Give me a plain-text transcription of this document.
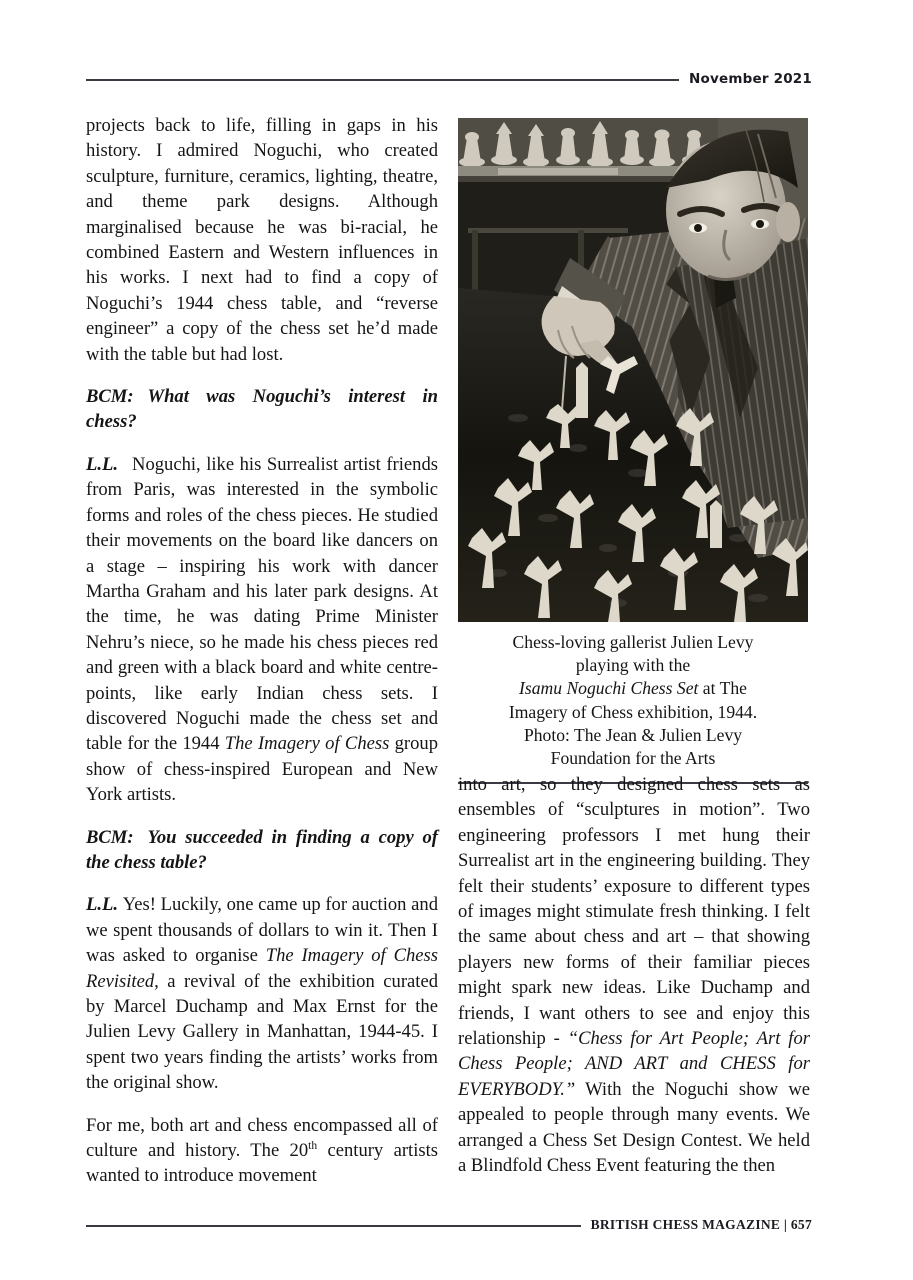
November 2021

projects back to life, filling in gaps in his history. I admired Noguchi, who created sculpture, furniture, ceramics, lighting, theatre, and theme park designs. Although marginalised because he was bi-racial, he combined Eastern and Western influences in his works. I next had to find a copy of Noguchi’s 1944 chess table, and “reverse engineer” a copy of the chess set he’d made with the table but had lost.

BCM: What was Noguchi’s interest in chess?

L.L. Noguchi, like his Surrealist artist friends from Paris, was interested in the symbolic forms and roles of the chess pieces. He studied their movements on the board like dancers on a stage – inspiring his work with dancer Martha Graham and his later park designs. At the time, he was dating Prime Minister Nehru’s niece, so he made his chess pieces red and green with a black board and white centre-points, like early Indian chess sets. I discovered Noguchi made the chess set and table for the 1944 The Imagery of Chess group show of chess-inspired European and New York artists.

BCM: You succeeded in finding a copy of the chess table?

L.L. Yes! Luckily, one came up for auction and we spent thousands of dollars to win it. Then I was asked to organise The Imagery of Chess Revisited, a revival of the exhibition curated by Marcel Duchamp and Max Ernst for the Julien Levy Gallery in Manhattan, 1944-45. I spent two years finding the artists’ works from the original show.

For me, both art and chess encompassed all of culture and history. The 20th century artists wanted to introduce movement

Chess-loving gallerist Julien Levy
playing with the
Isamu Noguchi Chess Set at The
Imagery of Chess exhibition, 1944.
Photo: The Jean & Julien Levy
Foundation for the Arts

into art, so they designed chess sets as ensembles of “sculptures in motion”. Two engineering professors I met hung their Surrealist art in the engineering building. They felt their students’ exposure to different types of images might stimulate fresh thinking. I felt the same about chess and art – that showing players new forms of their familiar pieces might spark new ideas. Like Duchamp and friends, I want others to see and enjoy this relationship - “Chess for Art People; Art for Chess People; AND ART and CHESS for EVERYBODY.” With the Noguchi show we appealed to people through many events. We arranged a Chess Set Design Contest. We held a Blindfold Chess Event featuring the then

BRITISH CHESS MAGAZINE | 657
